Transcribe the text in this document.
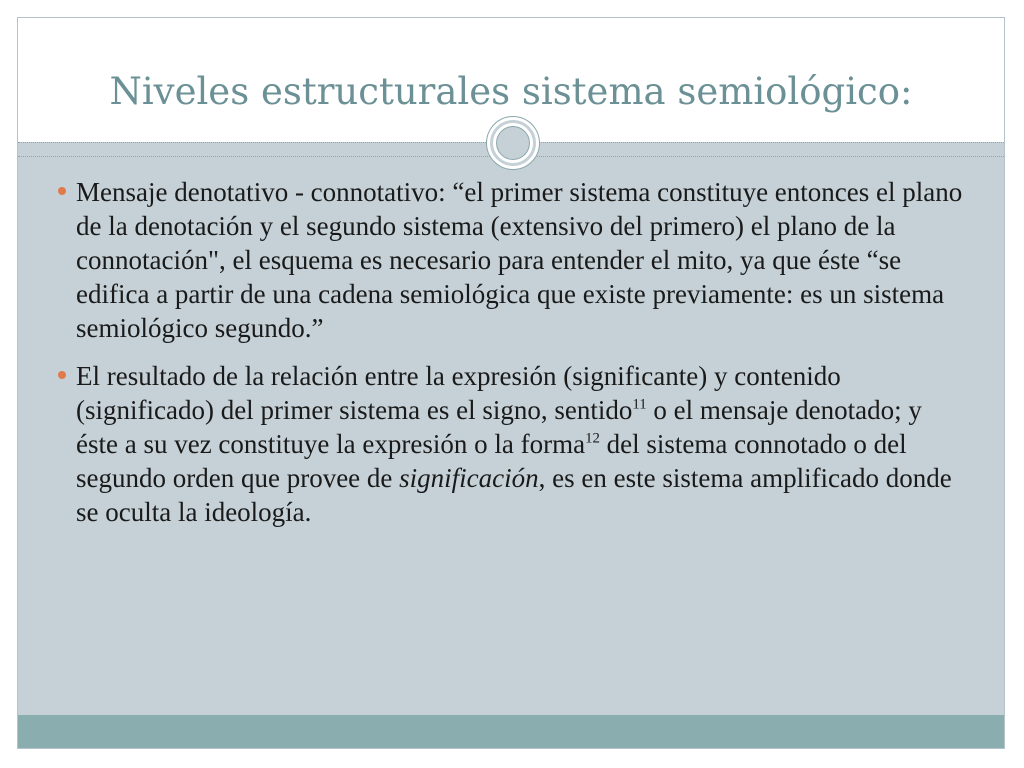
Niveles estructurales sistema semiológico:
Mensaje denotativo - connotativo: “el primer sistema constituye entonces el plano de la denotación y el segundo sistema (extensivo del primero) el plano de la connotación", el esquema es necesario para entender el mito, ya que éste “se edifica a partir de una cadena semiológica que existe previamente: es un sistema semiológico segundo.”
El resultado de la relación entre la expresión (significante) y contenido (significado) del primer sistema es el signo, sentido$^{11}$ o el mensaje denotado; y éste a su vez constituye la expresión o la forma$^{12}$ del sistema connotado o del segundo orden que provee de significación, es en este sistema amplificado donde se oculta la ideología.
